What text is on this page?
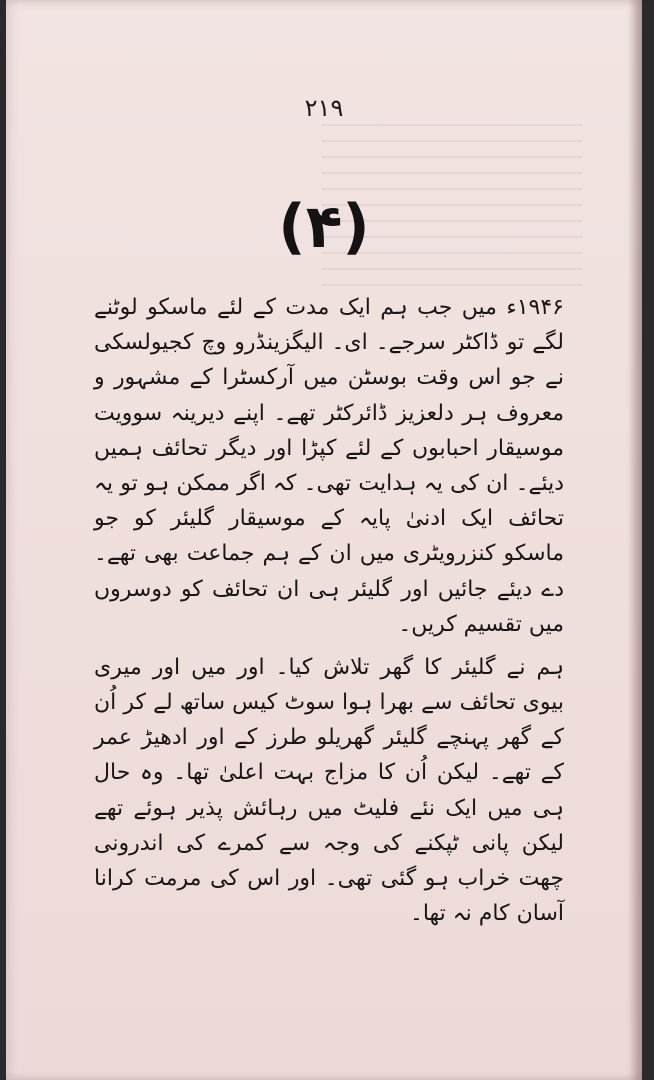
۲۱۹
(۴)

۱۹۴۶ء میں جب ہم ایک مدت کے لئے ماسکو لوٹنے لگے تو ڈاکٹر سرجے۔ ای۔ الیگزینڈرو وچ کجیولسکی نے جو اس وقت بوسٹن میں آرکسٹرا کے مشہور و معروف ہر دلعزیز ڈائرکٹر تھے۔ اپنے دیرینہ سوویت موسیقار احبابوں کے لئے کپڑا اور دیگر تحائف ہمیں دیئے۔ ان کی یہ ہدایت تھی۔ کہ اگر ممکن ہو تو یہ تحائف ایک ادنیٰ پایہ کے موسیقار گلیئر کو جو ماسکو کنزرویٹری میں ان کے ہم جماعت بھی تھے۔ دے دیئے جائیں اور گلیئر ہی ان تحائف کو دوسروں میں تقسیم کریں۔

ہم نے گلیئر کا گھر تلاش کیا۔ اور میں اور میری بیوی تحائف سے بھرا ہوا سوٹ کیس ساتھ لے کر اُن کے گھر پہنچے گلیئر گھریلو طرز کے اور ادھیڑ عمر کے تھے۔ لیکن اُن کا مزاج بہت اعلیٰ تھا۔ وہ حال ہی میں ایک نئے فلیٹ میں رہائش پذیر ہوئے تھے لیکن پانی ٹپکنے کی وجہ سے کمرے کی اندرونی چھت خراب ہو گئی تھی۔ اور اس کی مرمت کرانا آسان کام نہ تھا۔
